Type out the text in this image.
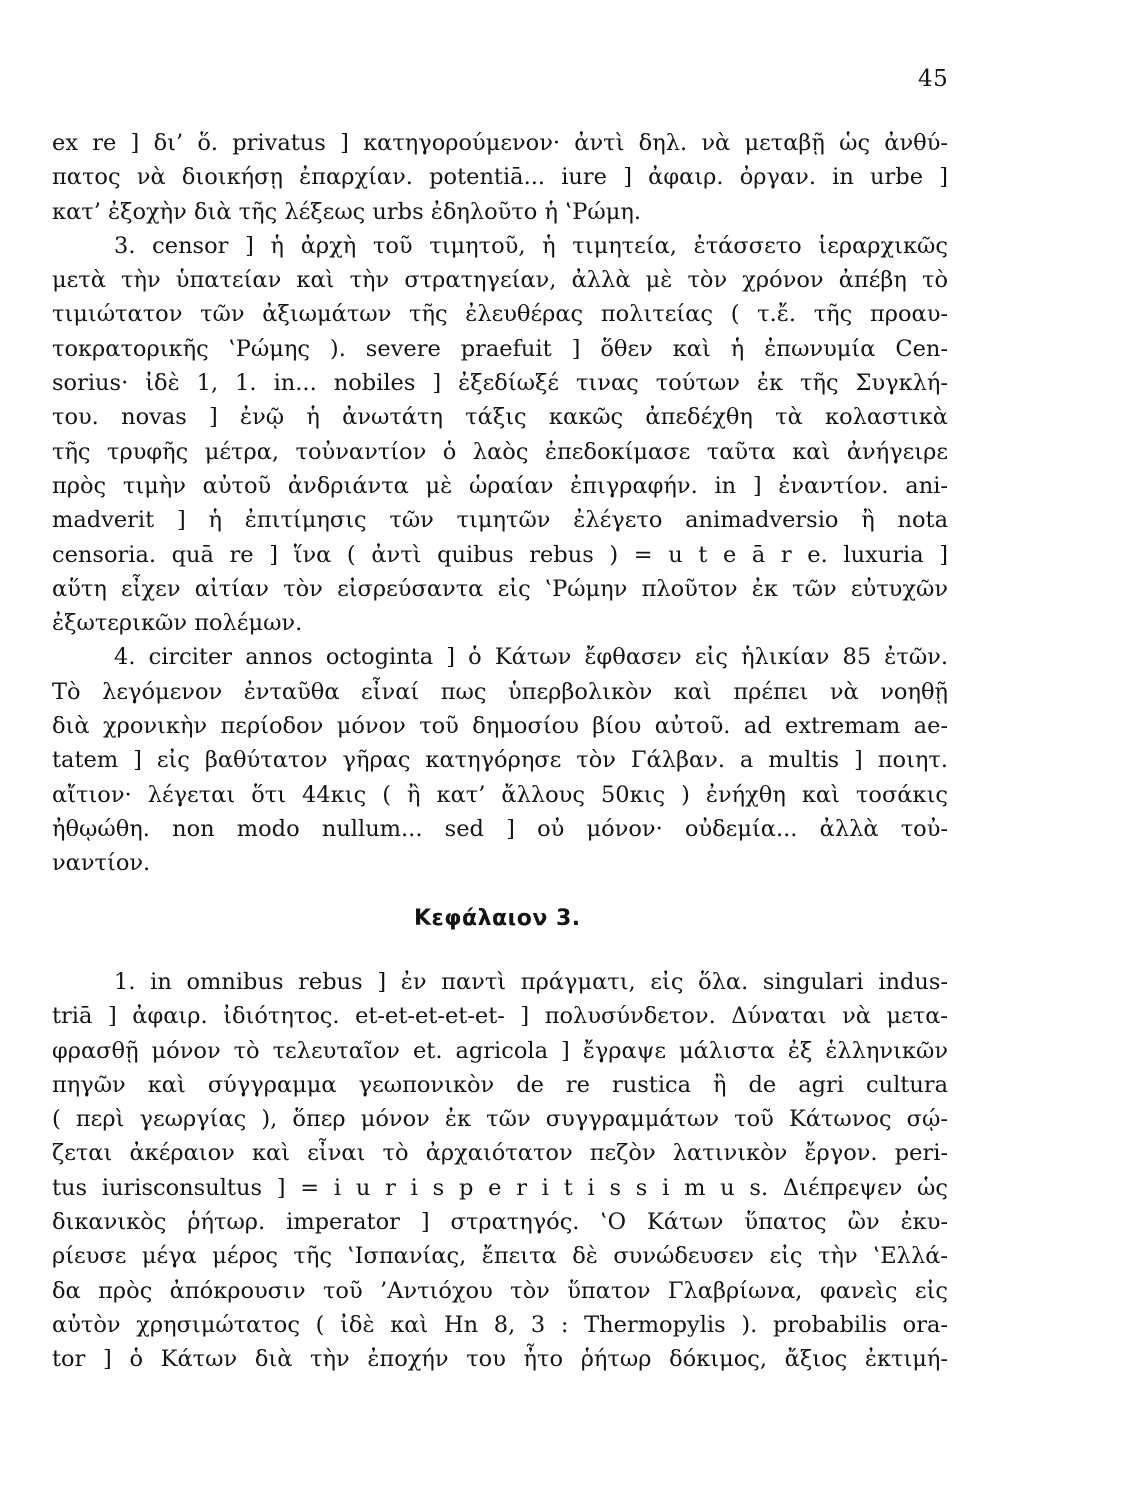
45
ex re ] δι’ ὅ. privatus ] κατηγορούμενον· ἀντὶ δηλ. νὰ μεταβῇ ὡς ἀνθύ-
πατος νὰ διοικήσῃ ἐπαρχίαν. potentiā... iure ] ἀφαιρ. ὀργαν. in urbe ]
κατ’ ἐξοχὴν διὰ τῆς λέξεως urbs ἐδηλοῦτο ἡ ‛Ρώμη.
3. censor ] ἡ ἀρχὴ τοῦ τιμητοῦ, ἡ τιμητεία, ἐτάσσετο ἱεραρχικῶς
μετὰ τὴν ὑπατείαν καὶ τὴν στρατηγείαν, ἀλλὰ μὲ τὸν χρόνον ἀπέβη τὸ
τιμιώτατον τῶν ἀξιωμάτων τῆς ἐλευθέρας πολιτείας ( τ.ἔ. τῆς προαυ-
τοκρατορικῆς ‛Ρώμης ). severe praefuit ] ὅθεν καὶ ἡ ἐπωνυμία Cen-
sorius· ἰδὲ 1, 1. in... nobiles ] ἐξεδίωξέ τινας τούτων ἐκ τῆς Συγκλή-
του. novas ] ἐνῷ ἡ ἀνωτάτη τάξις κακῶς ἀπεδέχθη τὰ κολαστικὰ
τῆς τρυφῆς μέτρα, τοὐναντίον ὁ λαὸς ἐπεδοκίμασε ταῦτα καὶ ἀνήγειρε
πρὸς τιμὴν αὐτοῦ ἀνδριάντα μὲ ὡραίαν ἐπιγραφήν. in ] ἐναντίον. ani-
madverit ] ἡ ἐπιτίμησις τῶν τιμητῶν ἐλέγετο animadversio ἢ nota
censoria. quā re ] ἵνα ( ἀντὶ quibus rebus ) = u t e ā r e. luxuria ]
αὕτη εἶχεν αἰτίαν τὸν εἰσρεύσαντα εἰς ‛Ρώμην πλοῦτον ἐκ τῶν εὐτυχῶν
ἐξωτερικῶν πολέμων.
4. circiter annos octoginta ] ὁ Κάτων ἔφθασεν εἰς ἡλικίαν 85 ἐτῶν.
Τὸ λεγόμενον ἐνταῦθα εἶναί πως ὑπερβολικὸν καὶ πρέπει νὰ νοηθῇ
διὰ χρονικὴν περίοδον μόνον τοῦ δημοσίου βίου αὐτοῦ. ad extremam ae-
tatem ] εἰς βαθύτατον γῆρας κατηγόρησε τὸν Γάλβαν. a multis ] ποιητ.
αἴτιον· λέγεται ὅτι 44κις ( ἢ κατ’ ἄλλους 50κις ) ἐνήχθη καὶ τοσάκις
ἠθῳώθη. non modo nullum... sed ] οὐ μόνον· οὐδεμία... ἀλλὰ τοὐ-
ναντίον.
Κεφάλαιον 3.
1. in omnibus rebus ] ἐν παντὶ πράγματι, εἰς ὅλα. singulari indus-
triā ] ἀφαιρ. ἰδιότητος. et-et-et-et-et- ] πολυσύνδετον. Δύναται νὰ μετα-
φρασθῇ μόνον τὸ τελευταῖον et. agricola ] ἔγραψε μάλιστα ἐξ ἑλληνικῶν
πηγῶν καὶ σύγγραμμα γεωπονικὸν de re rustica ἢ de agri cultura
( περὶ γεωργίας ), ὅπερ μόνον ἐκ τῶν συγγραμμάτων τοῦ Κάτωνος σῴ-
ζεται ἀκέραιον καὶ εἶναι τὸ ἀρχαιότατον πεζὸν λατινικὸν ἔργον. peri-
tus iurisconsultus ] = i u r i s p e r i t i s s i m u s. Διέπρεψεν ὡς
δικανικὸς ῥήτωρ. imperator ] στρατηγός. ‛Ο Κάτων ὕπατος ὢν ἐκυ-
ρίευσε μέγα μέρος τῆς ‛Ισπανίας, ἔπειτα δὲ συνώδευσεν εἰς τὴν ‛Ελλά-
δα πρὸς ἀπόκρουσιν τοῦ ’Αντιόχου τὸν ὕπατον Γλαβρίωνα, φανεὶς εἰς
αὐτὸν χρησιμώτατος ( ἰδὲ καὶ Hn 8, 3 : Thermopylis ). probabilis ora-
tor ] ὁ Κάτων διὰ τὴν ἐποχήν του ἦτο ῥήτωρ δόκιμος, ἄξιος ἐκτιμή-
